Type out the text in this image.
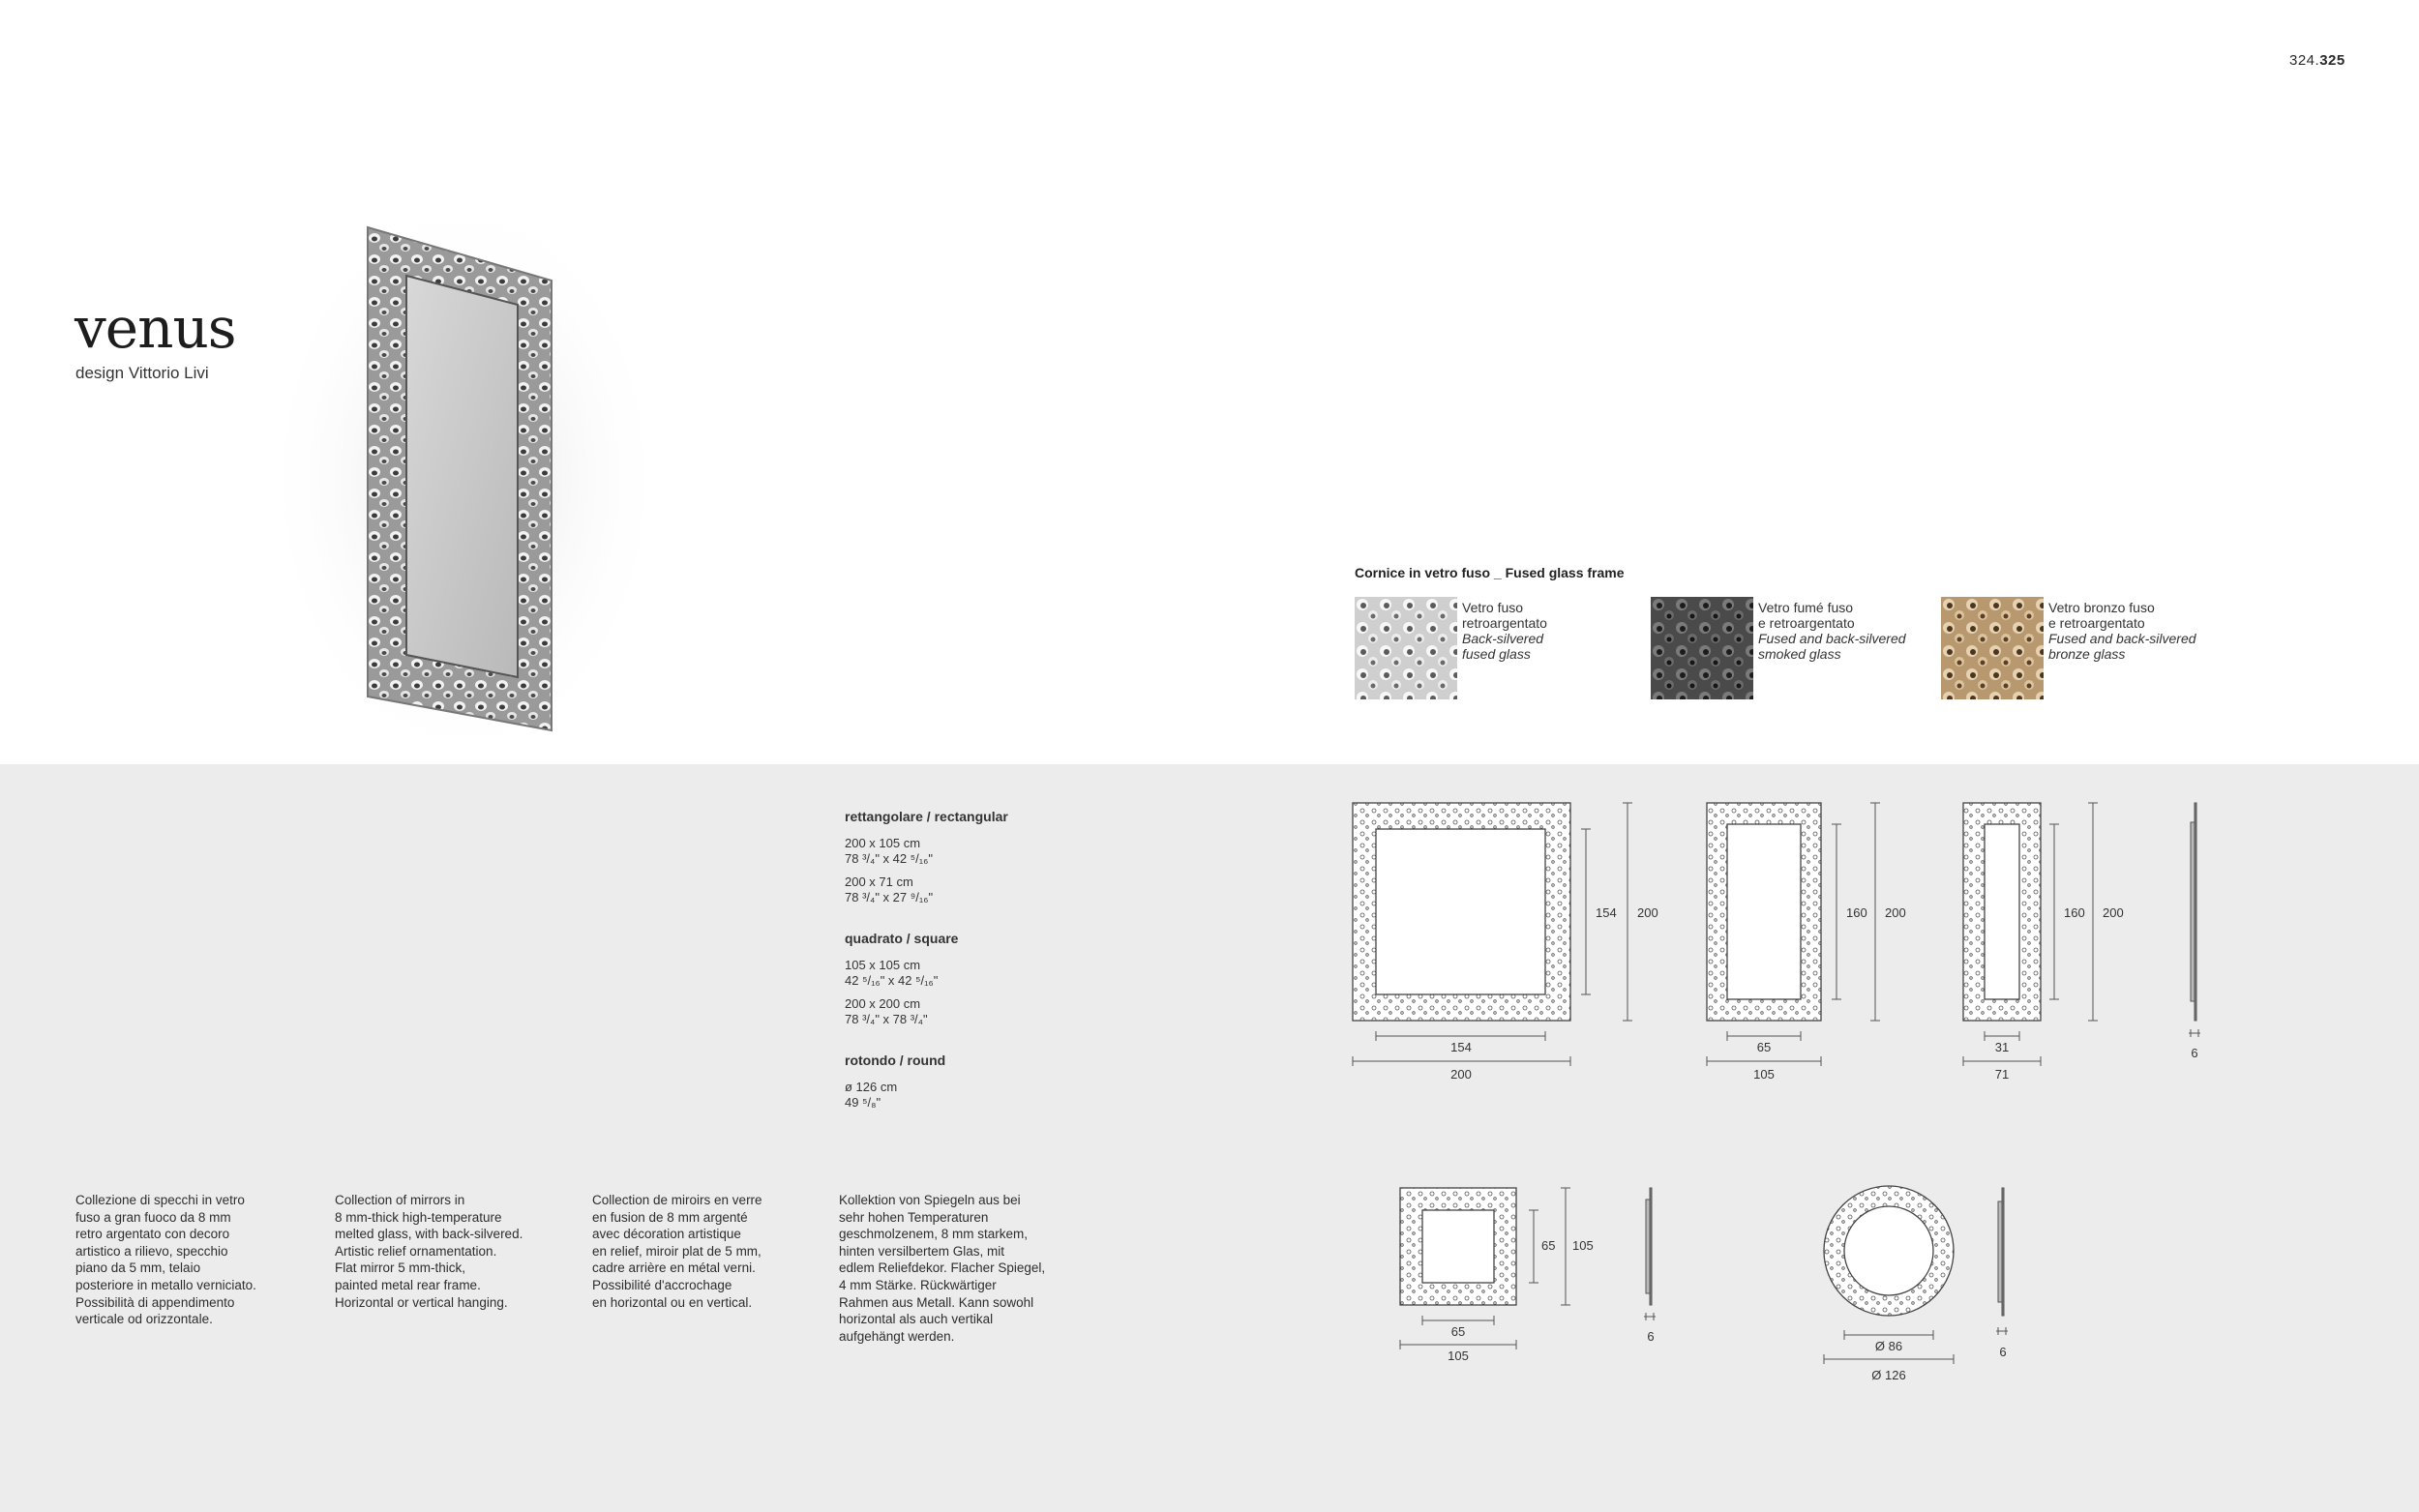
324.325
venus
design Vittorio Livi
Cornice in vetro fuso _ Fused glass frame
Vetro fuso
retroargentato
Back-silvered
fused glass
Vetro fumé fuso
e retroargentato
Fused and back-silvered
smoked glass
Vetro bronzo fuso
e retroargentato
Fused and back-silvered
bronze glass
rettangolare / rectangular
200 x 105 cm
78 ³/₄" x 42 ⁵/₁₆"
200 x 71 cm
78 ³/₄" x 27 ⁹/₁₆"
quadrato / square
105 x 105 cm
42 ⁵/₁₆" x 42 ⁵/₁₆"
200 x 200 cm
78 ³/₄" x 78 ³/₄"
rotondo / round
ø 126 cm
49 ⁵/₈"
Collezione di specchi in vetro
fuso a gran fuoco da 8 mm
retro argentato con decoro
artistico a rilievo, specchio
piano da 5 mm, telaio
posteriore in metallo verniciato.
Possibilità di appendimento
verticale od orizzontale.
Collection of mirrors in
8 mm-thick high-temperature
melted glass, with back-silvered.
Artistic relief ornamentation.
Flat mirror 5 mm-thick,
painted metal rear frame.
Horizontal or vertical hanging.
Collection de miroirs en verre
en fusion de 8 mm argenté
avec décoration artistique
en relief, miroir plat de 5 mm,
cadre arrière en métal verni.
Possibilité d'accrochage
en horizontal ou en vertical.
Kollektion von Spiegeln aus bei
sehr hohen Temperaturen
geschmolzenem, 8 mm starkem,
hinten versilbertem Glas, mit
edlem Reliefdekor. Flacher Spiegel,
4 mm Stärke. Rückwärtiger
Rahmen aus Metall. Kann sowohl
horizontal als auch vertikal
aufgehängt werden.
154
200
154 200
65
105
160 200
31
71
160 200
6
65
105
65 105
6
Ø 86
Ø 126
6
